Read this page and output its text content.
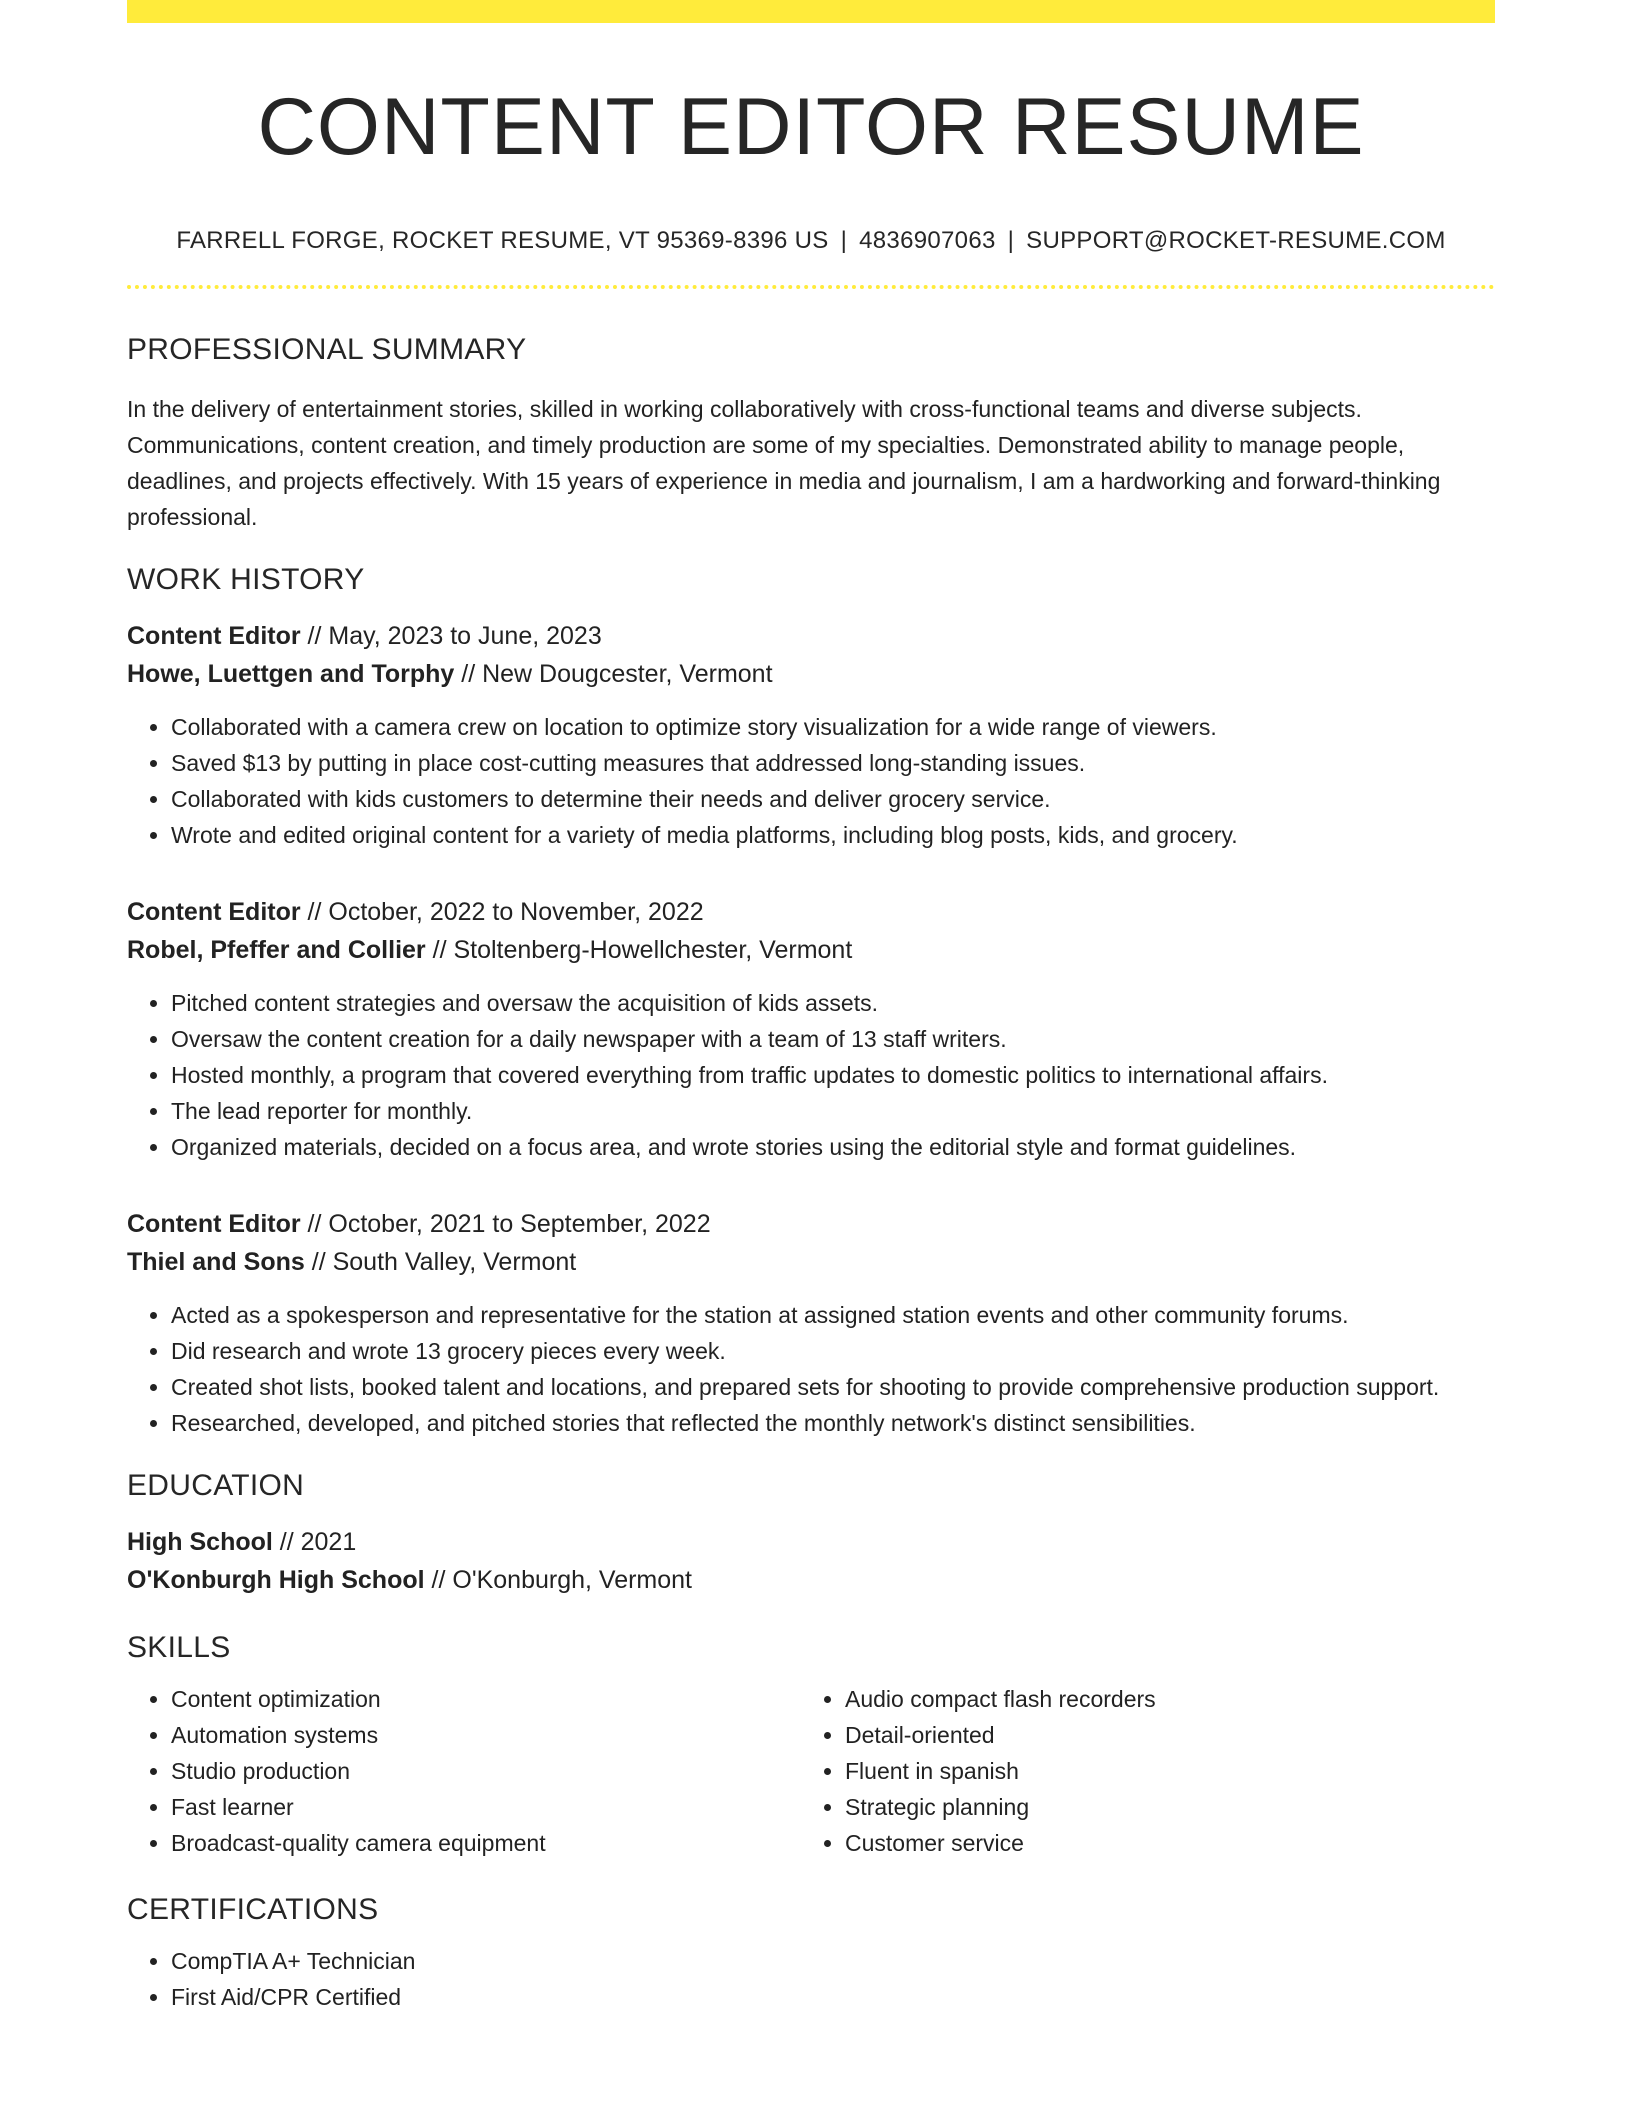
CONTENT EDITOR RESUME
FARRELL FORGE, ROCKET RESUME, VT 95369-8396 US | 4836907063 | SUPPORT@ROCKET-RESUME.COM
PROFESSIONAL SUMMARY

In the delivery of entertainment stories, skilled in working collaboratively with cross-functional teams and diverse subjects. Communications, content creation, and timely production are some of my specialties. Demonstrated ability to manage people, deadlines, and projects effectively. With 15 years of experience in media and journalism, I am a hardworking and forward-thinking professional.

WORK HISTORY
Content Editor // May, 2023 to June, 2023
Howe, Luettgen and Torphy // New Dougcester, Vermont
• Collaborated with a camera crew on location to optimize story visualization for a wide range of viewers.
• Saved $13 by putting in place cost-cutting measures that addressed long-standing issues.
• Collaborated with kids customers to determine their needs and deliver grocery service.
• Wrote and edited original content for a variety of media platforms, including blog posts, kids, and grocery.
Content Editor // October, 2022 to November, 2022
Robel, Pfeffer and Collier // Stoltenberg-Howellchester, Vermont
• Pitched content strategies and oversaw the acquisition of kids assets.
• Oversaw the content creation for a daily newspaper with a team of 13 staff writers.
• Hosted monthly, a program that covered everything from traffic updates to domestic politics to international affairs.
• The lead reporter for monthly.
• Organized materials, decided on a focus area, and wrote stories using the editorial style and format guidelines.
Content Editor // October, 2021 to September, 2022
Thiel and Sons // South Valley, Vermont
• Acted as a spokesperson and representative for the station at assigned station events and other community forums.
• Did research and wrote 13 grocery pieces every week.
• Created shot lists, booked talent and locations, and prepared sets for shooting to provide comprehensive production support.
• Researched, developed, and pitched stories that reflected the monthly network's distinct sensibilities.
EDUCATION
High School // 2021
O'Konburgh High School // O'Konburgh, Vermont
SKILLS
• Content optimization
• Automation systems
• Studio production
• Fast learner
• Broadcast-quality camera equipment
• Audio compact flash recorders
• Detail-oriented
• Fluent in spanish
• Strategic planning
• Customer service
CERTIFICATIONS
• CompTIA A+ Technician
• First Aid/CPR Certified
